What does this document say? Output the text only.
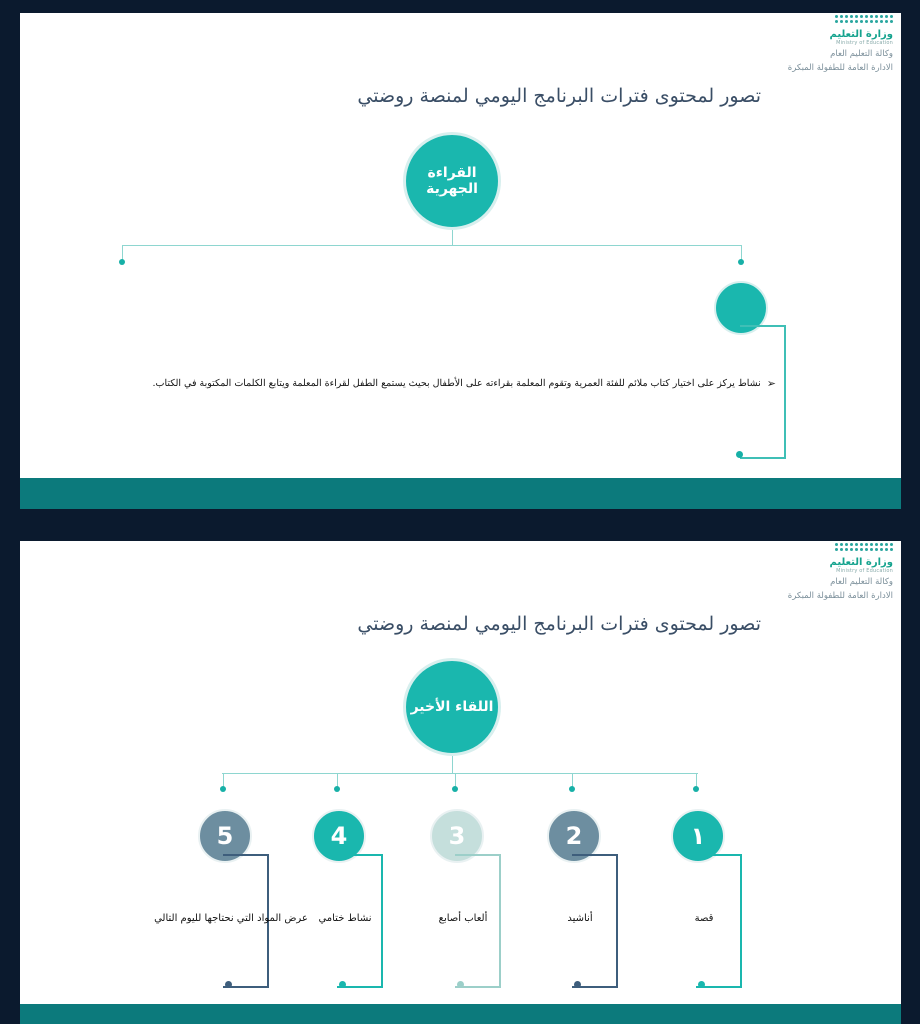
وزارة التعليم
Ministry of Education
وكالة التعليم العام
الادارة العامة للطفولة المبكرة
تصور لمحتوى فترات البرنامج اليومي لمنصة روضتي
القراءة الجهرية
➢
نشاط يركز على اختيار كتاب ملائم للفئة العمرية وتقوم المعلمة بقراءته على الأطفال بحيث يستمع الطفل لقراءة المعلمة ويتابع الكلمات المكتوبة في الكتاب.
وزارة التعليم
Ministry of Education
وكالة التعليم العام
الادارة العامة للطفولة المبكرة
تصور لمحتوى فترات البرنامج اليومي لمنصة روضتي
اللقاء الأخير
١
قصة
2
أناشيد
3
ألعاب أصابع
4
نشاط ختامي
5
عرض المواد التي نحتاجها لليوم التالي
